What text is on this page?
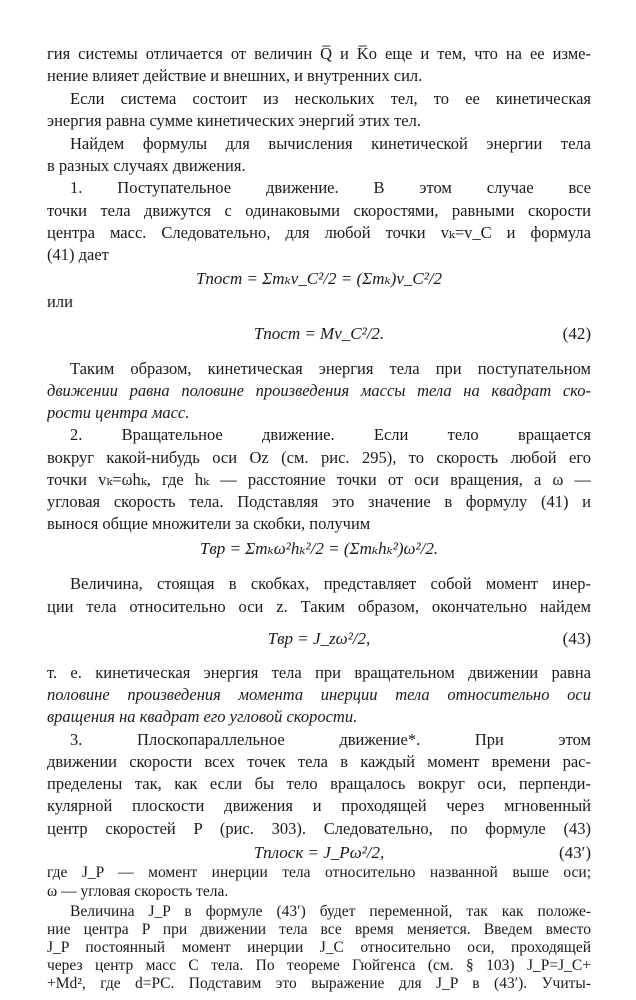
гия системы отличается от величин Q̅ и K̅o еще и тем, что на ее изме-
нение влияет действие и внешних, и внутренних сил.
Если система состоит из нескольких тел, то ее кинетическая
энергия равна сумме кинетических энергий этих тел.
Найдем формулы для вычисления кинетической энергии тела
в разных случаях движения.
1. Поступательное движение. В этом случае все
точки тела движутся с одинаковыми скоростями, равными скорости
центра масс. Следовательно, для любой точки vₖ=v_C и формула
(41) дает
Tпост = Σmₖv_C²/2 = (Σmₖ)v_C²/2
или
Tпост = Mv_C²/2.	(42)
Таким образом, кинетическая энергия тела при поступательном
движении равна половине произведения массы тела на квадрат ско-
рости центра масс.
2. Вращательное движение. Если тело вращается
вокруг какой-нибудь оси Oz (см. рис. 295), то скорость любой его
точки vₖ=ωhₖ, где hₖ — расстояние точки от оси вращения, а ω —
угловая скорость тела. Подставляя это значение в формулу (41) и
вынося общие множители за скобки, получим
Tвр = Σmₖω²hₖ²/2 = (Σmₖhₖ²)ω²/2.
Величина, стоящая в скобках, представляет собой момент инер-
ции тела относительно оси z. Таким образом, окончательно найдем
Tвр = J_zω²/2,	(43)
т. е. кинетическая энергия тела при вращательном движении равна
половине произведения момента инерции тела относительно оси
вращения на квадрат его угловой скорости.
3. Плоскопараллельное движение*. При этом
движении скорости всех точек тела в каждый момент времени рас-
пределены так, как если бы тело вращалось вокруг оси, перпенди-
кулярной плоскости движения и проходящей через мгновенный
центр скоростей P (рис. 303). Следовательно, по формуле (43)
Tплоск = J_Pω²/2,	(43′)
где J_P — момент инерции тела относительно названной выше оси;
ω — угловая скорость тела.
Величина J_P в формуле (43′) будет переменной, так как положе-
ние центра P при движении тела все время меняется. Введем вместо
J_P постоянный момент инерции J_C относительно оси, проходящей
через центр масс C тела. По теореме Гюйгенса (см. § 103) J_P=J_C+
+Md², где d=PC. Подставим это выражение для J_P в (43′). Учиты-
